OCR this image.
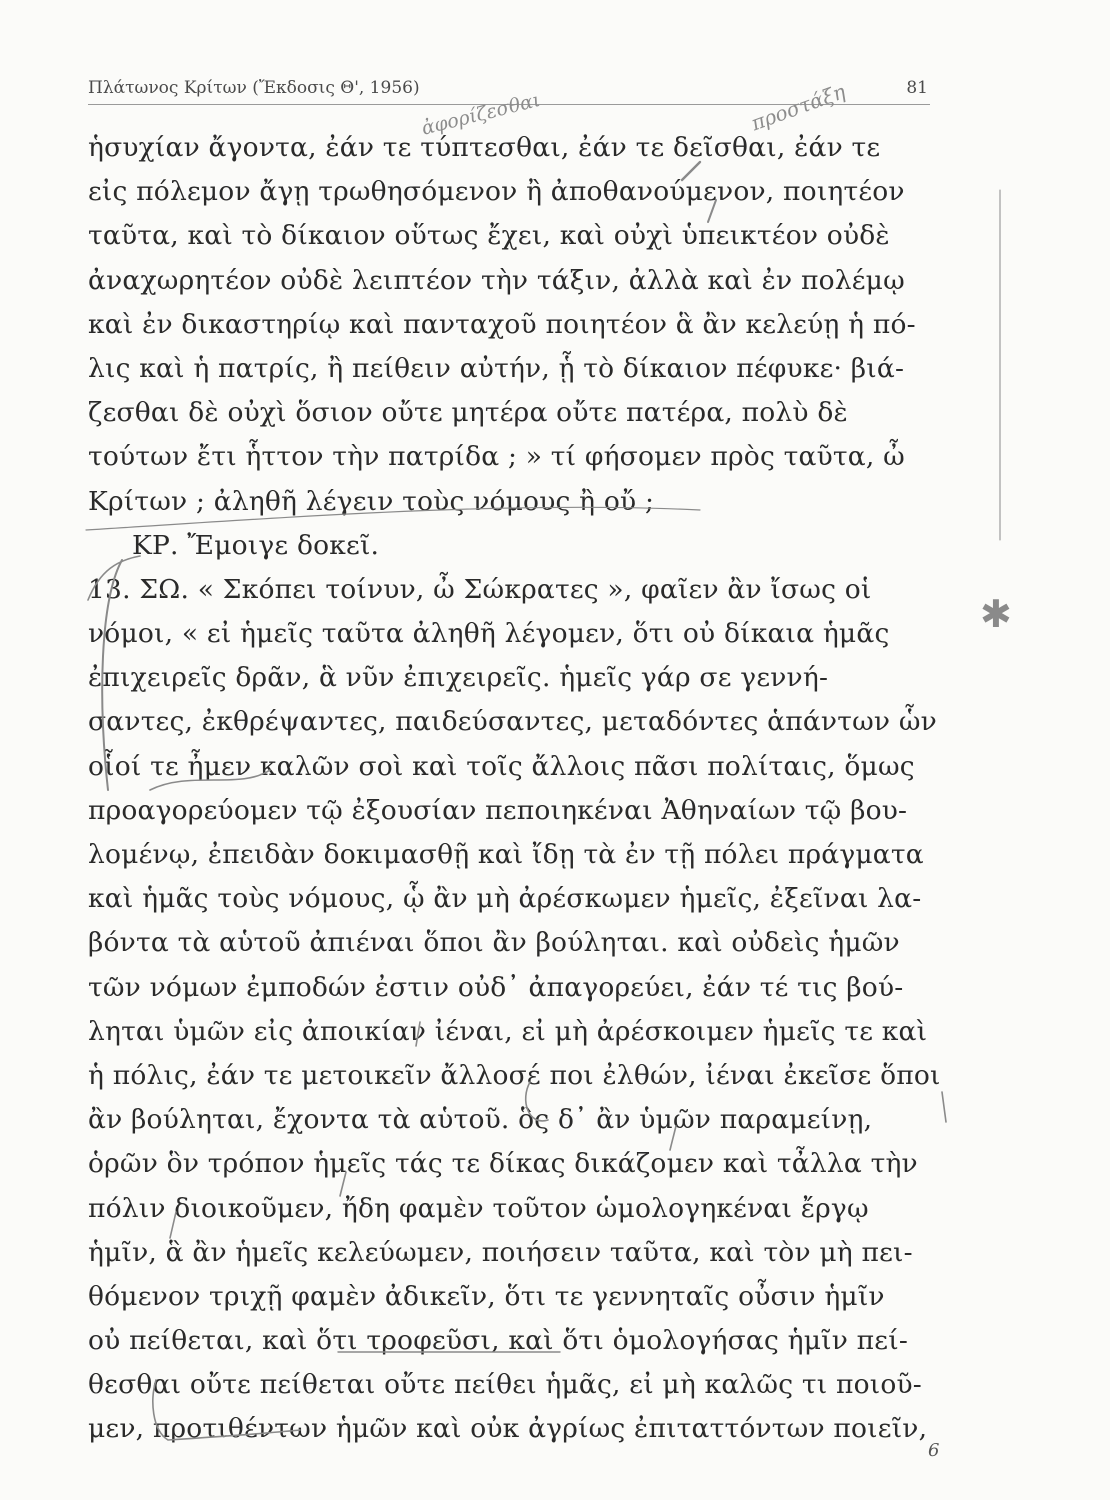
Πλάτωνος Κρίτων (Ἔκδοσις Θ', 1956)	81
ἡσυχίαν ἄγοντα, ἐάν τε τύπτεσθαι, ἐάν τε δεῖσθαι, ἐάν τε
εἰς πόλεμον ἄγῃ τρωθησόμενον ἢ ἀποθανούμενον, ποιητέον
ταῦτα, καὶ τὸ δίκαιον οὕτως ἔχει, καὶ οὐχὶ ὑπεικτέον οὐδὲ
ἀναχωρητέον οὐδὲ λειπτέον τὴν τάξιν, ἀλλὰ καὶ ἐν πολέμῳ
καὶ ἐν δικαστηρίῳ καὶ πανταχοῦ ποιητέον ἃ ἂν κελεύῃ ἡ πό-
λις καὶ ἡ πατρίς, ἢ πείθειν αὐτήν, ᾗ τὸ δίκαιον πέφυκε· βιά-
ζεσθαι δὲ οὐχὶ ὅσιον οὔτε μητέρα οὔτε πατέρα, πολὺ δὲ
τούτων ἔτι ἧττον τὴν πατρίδα ; » τί φήσομεν πρὸς ταῦτα, ὦ
Κρίτων ; ἀληθῆ λέγειν τοὺς νόμους ἢ οὔ ;
ΚΡ. Ἔμοιγε δοκεῖ.
13. ΣΩ. « Σκόπει τοίνυν, ὦ Σώκρατες », φαῖεν ἂν ἴσως οἱ
νόμοι, « εἰ ἡμεῖς ταῦτα ἀληθῆ λέγομεν, ὅτι οὐ δίκαια ἡμᾶς
ἐπιχειρεῖς δρᾶν, ἃ νῦν ἐπιχειρεῖς. ἡμεῖς γάρ σε γεννή-
σαντες, ἐκθρέψαντες, παιδεύσαντες, μεταδόντες ἁπάντων ὧν
οἷοί τε ἦμεν καλῶν σοὶ καὶ τοῖς ἄλλοις πᾶσι πολίταις, ὅμως
προαγορεύομεν τῷ ἐξουσίαν πεποιηκέναι Ἀθηναίων τῷ βου-
λομένῳ, ἐπειδὰν δοκιμασθῇ καὶ ἴδῃ τὰ ἐν τῇ πόλει πράγματα
καὶ ἡμᾶς τοὺς νόμους, ᾧ ἂν μὴ ἀρέσκωμεν ἡμεῖς, ἐξεῖναι λα-
βόντα τὰ αὑτοῦ ἀπιέναι ὅποι ἂν βούληται. καὶ οὐδεὶς ἡμῶν
τῶν νόμων ἐμποδών ἐστιν οὐδ᾽ ἀπαγορεύει, ἐάν τέ τις βού-
ληται ὑμῶν εἰς ἀποικίαν ἰέναι, εἰ μὴ ἀρέσκοιμεν ἡμεῖς τε καὶ
ἡ πόλις, ἐάν τε μετοικεῖν ἄλλοσέ ποι ἐλθών, ἰέναι ἐκεῖσε ὅποι
ἂν βούληται, ἔχοντα τὰ αὑτοῦ. ὃς δ᾽ ἂν ὑμῶν παραμείνῃ,
ὁρῶν ὃν τρόπον ἡμεῖς τάς τε δίκας δικάζομεν καὶ τἆλλα τὴν
πόλιν διοικοῦμεν, ἤδη φαμὲν τοῦτον ὡμολογηκέναι ἔργῳ
ἡμῖν, ἃ ἂν ἡμεῖς κελεύωμεν, ποιήσειν ταῦτα, καὶ τὸν μὴ πει-
θόμενον τριχῇ φαμὲν ἀδικεῖν, ὅτι τε γεννηταῖς οὖσιν ἡμῖν
οὐ πείθεται, καὶ ὅτι τροφεῦσι, καὶ ὅτι ὁμολογήσας ἡμῖν πεί-
θεσθαι οὔτε πείθεται οὔτε πείθει ἡμᾶς, εἰ μὴ καλῶς τι ποιοῦ-
μεν, προτιθέντων ἡμῶν καὶ οὐκ ἀγρίως ἐπιταττόντων ποιεῖν,
ἀφορίζεσθαι	προστάξη
✱
6
